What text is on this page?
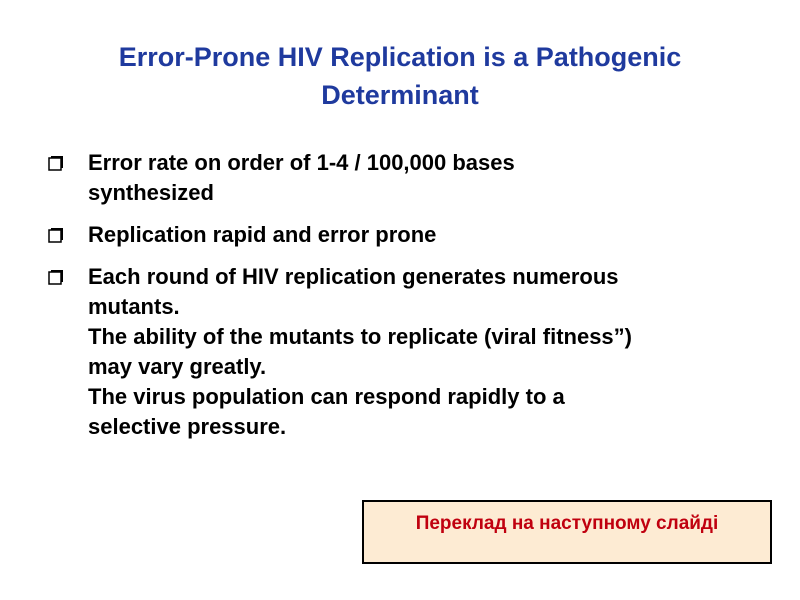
Error-Prone HIV Replication is a Pathogenic Determinant
Error rate on order of 1-4 / 100,000 bases
synthesized
Replication rapid and error prone
Each round of HIV replication generates numerous
mutants.
The ability of the mutants to replicate (viral fitness”)
may vary greatly.
The virus population can respond rapidly to a
selective pressure.
Переклад на наступному слайді
